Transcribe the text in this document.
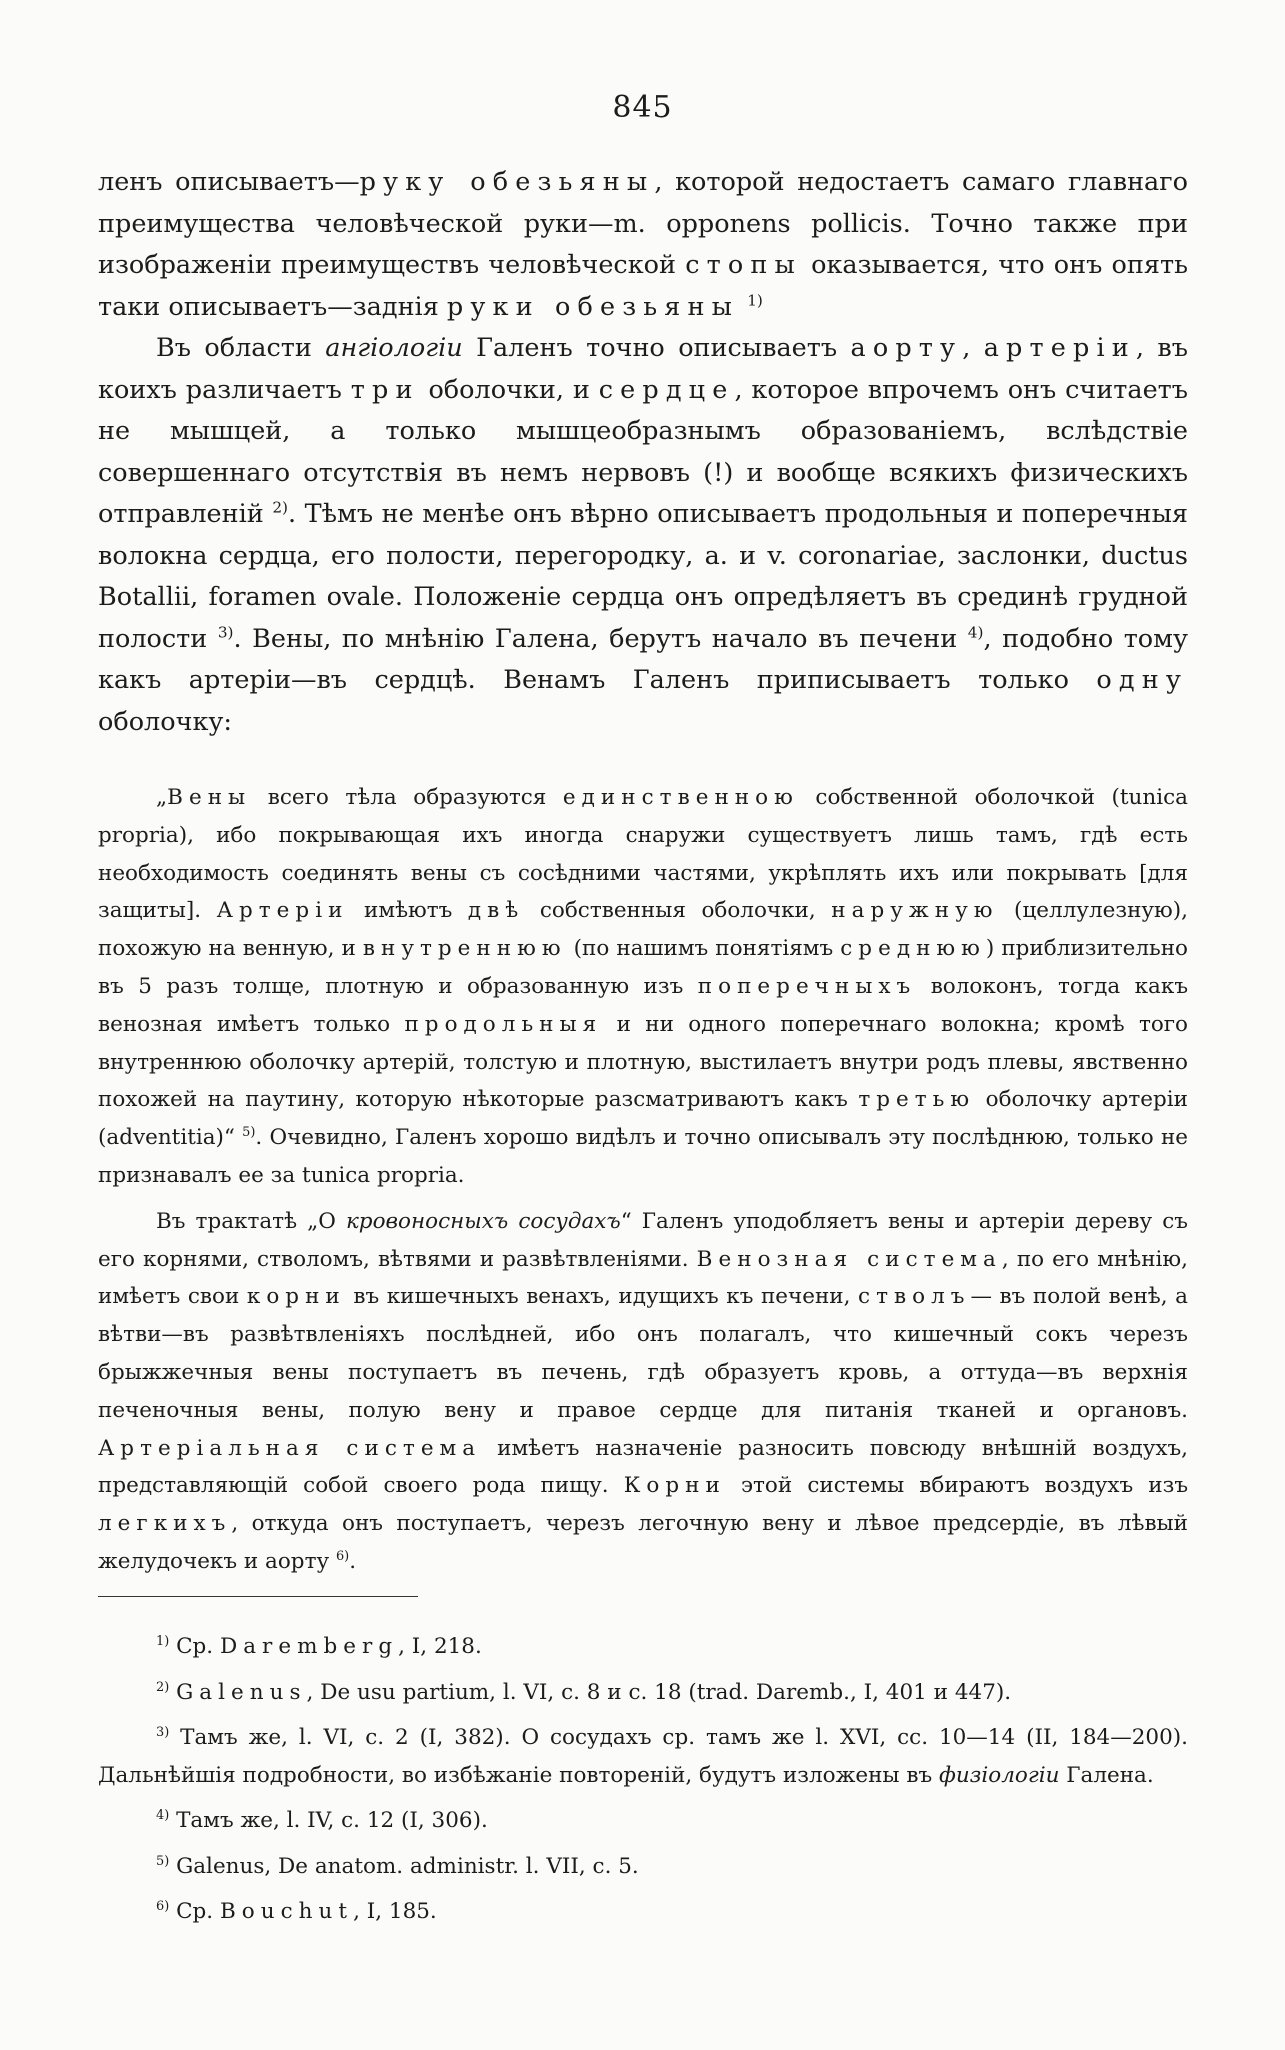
845

ленъ описываетъ—руку обезьяны, которой недостаетъ самаго главнаго преимущества человѣческой руки—m. opponens pollicis. Точно также при изображеніи преимуществъ человѣческой стопы оказывается, что онъ опять таки описываетъ—заднія руки обезьяны $^{1)}$

Въ области ангіологіи Галенъ точно описываетъ аорту, артеріи, въ коихъ различаетъ три оболочки, и сердце, которое впрочемъ онъ считаетъ не мышцей, а только мышцеобразнымъ образованіемъ, вслѣдствіе совершеннаго отсутствія въ немъ нервовъ (!) и вообще всякихъ физическихъ отправленій $^{2)}$. Тѣмъ не менѣе онъ вѣрно описываетъ продольныя и поперечныя волокна сердца, его полости, перегородку, a. и v. coronariae, заслонки, ductus Botallii, foramen ovale. Положеніе сердца онъ опредѣляетъ въ срединѣ грудной полости $^{3)}$. Вены, по мнѣнію Галена, берутъ начало въ печени $^{4)}$, подобно тому какъ артеріи—въ сердцѣ. Венамъ Галенъ приписываетъ только одну оболочку:

„Вены всего тѣла образуются единственною собственной оболочкой (tunica propria), ибо покрывающая ихъ иногда снаружи существуетъ лишь тамъ, гдѣ есть необходимость соединять вены съ сосѣдними частями, укрѣплять ихъ или покрывать [для защиты]. Артеріи имѣютъ двѣ собственныя оболочки, наружную (целлулезную), похожую на венную, и внутреннюю (по нашимъ понятіямъ среднюю) приблизительно въ 5 разъ толще, плотную и образованную изъ поперечныхъ волоконъ, тогда какъ венозная имѣетъ только продольныя и ни одного поперечнаго волокна; кромѣ того внутреннюю оболочку артерій, толстую и плотную, выстилаетъ внутри родъ плевы, явственно похожей на паутину, которую нѣкоторые разсматриваютъ какъ третью оболочку артеріи (adventitia)“ $^{5)}$. Очевидно, Галенъ хорошо видѣлъ и точно описывалъ эту послѣднюю, только не признавалъ ее за tunica propria.

Въ трактатѣ „О кровоносныхъ сосудахъ“ Галенъ уподобляетъ вены и артеріи дереву съ его корнями, стволомъ, вѣтвями и развѣтвленіями. Венозная система, по его мнѣнію, имѣетъ свои корни въ кишечныхъ венахъ, идущихъ къ печени, стволъ— въ полой венѣ, а вѣтви—въ развѣтвленіяхъ послѣдней, ибо онъ полагалъ, что кишечный сокъ черезъ брыжжечныя вены поступаетъ въ печень, гдѣ образуетъ кровь, а оттуда—въ верхнія печеночныя вены, полую вену и правое сердце для питанія тканей и органовъ. Артеріальная система имѣетъ назначеніе разносить повсюду внѣшній воздухъ, представляющій собой своего рода пищу. Корни этой системы вбираютъ воздухъ изъ легкихъ, откуда онъ поступаетъ, черезъ легочную вену и лѣвое предсердіе, въ лѣвый желудочекъ и аорту $^{6)}$.

$^{1)}$ Ср. Daremberg, I, 218.

$^{2)}$ Galenus, De usu partium, l. VI, c. 8 и c. 18 (trad. Daremb., I, 401 и 447).

$^{3)}$ Тамъ же, l. VI, c. 2 (I, 382). О сосудахъ ср. тамъ же l. XVI, cc. 10—14 (II, 184—200). Дальнѣйшія подробности, во избѣжаніе повтореній, будутъ изложены въ физіологіи Галена.

$^{4)}$ Тамъ же, l. IV, c. 12 (I, 306).

$^{5)}$ Galenus, De anatom. administr. l. VII, c. 5.

$^{6)}$ Ср. Bouchut, I, 185.
